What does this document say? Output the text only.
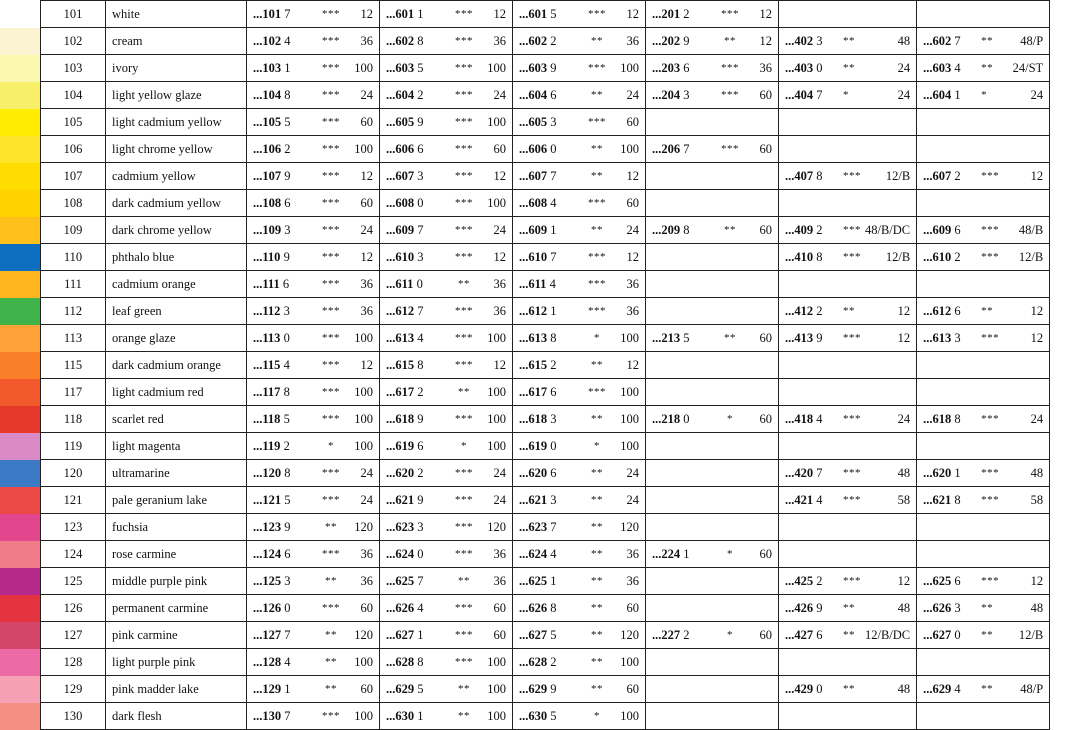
	101	white	...101 7 *** 12	...601 1 *** 12	...601 5 *** 12	...201 2 *** 12		

	102	cream	...102 4 *** 36	...602 8 *** 36	...602 2 ** 36	...202 9 ** 12	...402 3 ** 48	...602 7 ** 48/P

	103	ivory	...103 1 *** 100	...603 5 *** 100	...603 9 *** 100	...203 6 *** 36	...403 0 ** 24	...603 4 ** 24/ST

	104	light yellow glaze	...104 8 *** 24	...604 2 *** 24	...604 6 ** 24	...204 3 *** 60	...404 7 * 24	...604 1 * 24

	105	light cadmium yellow	...105 5 *** 60	...605 9 *** 100	...605 3 *** 60			

	106	light chrome yellow	...106 2 *** 100	...606 6 *** 60	...606 0 ** 100	...206 7 *** 60		

	107	cadmium yellow	...107 9 *** 12	...607 3 *** 12	...607 7 ** 12		...407 8 *** 12/B	...607 2 *** 12

	108	dark cadmium yellow	...108 6 *** 60	...608 0 *** 100	...608 4 *** 60			

	109	dark chrome yellow	...109 3 *** 24	...609 7 *** 24	...609 1 ** 24	...209 8 ** 60	...409 2 *** 48/B/DC	...609 6 *** 48/B

	110	phthalo blue	...110 9 *** 12	...610 3 *** 12	...610 7 *** 12		...410 8 *** 12/B	...610 2 *** 12/B

	111	cadmium orange	...111 6 *** 36	...611 0 ** 36	...611 4 *** 36			

	112	leaf green	...112 3 *** 36	...612 7 *** 36	...612 1 *** 36		...412 2 ** 12	...612 6 ** 12

	113	orange glaze	...113 0 *** 100	...613 4 *** 100	...613 8 * 100	...213 5 ** 60	...413 9 *** 12	...613 3 *** 12

	115	dark cadmium orange	...115 4 *** 12	...615 8 *** 12	...615 2 ** 12			

	117	light cadmium red	...117 8 *** 100	...617 2 ** 100	...617 6 *** 100			

	118	scarlet red	...118 5 *** 100	...618 9 *** 100	...618 3 ** 100	...218 0 * 60	...418 4 *** 24	...618 8 *** 24

	119	light magenta	...119 2 * 100	...619 6 * 100	...619 0 * 100			

	120	ultramarine	...120 8 *** 24	...620 2 *** 24	...620 6 ** 24		...420 7 *** 48	...620 1 *** 48

	121	pale geranium lake	...121 5 *** 24	...621 9 *** 24	...621 3 ** 24		...421 4 *** 58	...621 8 *** 58

	123	fuchsia	...123 9 ** 120	...623 3 *** 120	...623 7 ** 120			

	124	rose carmine	...124 6 *** 36	...624 0 *** 36	...624 4 ** 36	...224 1 * 60		

	125	middle purple pink	...125 3 ** 36	...625 7 ** 36	...625 1 ** 36		...425 2 *** 12	...625 6 *** 12

	126	permanent carmine	...126 0 *** 60	...626 4 *** 60	...626 8 ** 60		...426 9 ** 48	...626 3 ** 48

	127	pink carmine	...127 7 ** 120	...627 1 *** 60	...627 5 ** 120	...227 2 * 60	...427 6 ** 12/B/DC	...627 0 ** 12/B

	128	light purple pink	...128 4 ** 100	...628 8 *** 100	...628 2 ** 100			

	129	pink madder lake	...129 1 ** 60	...629 5 ** 100	...629 9 ** 60		...429 0 ** 48	...629 4 ** 48/P

	130	dark flesh	...130 7 *** 100	...630 1 ** 100	...630 5 * 100			
